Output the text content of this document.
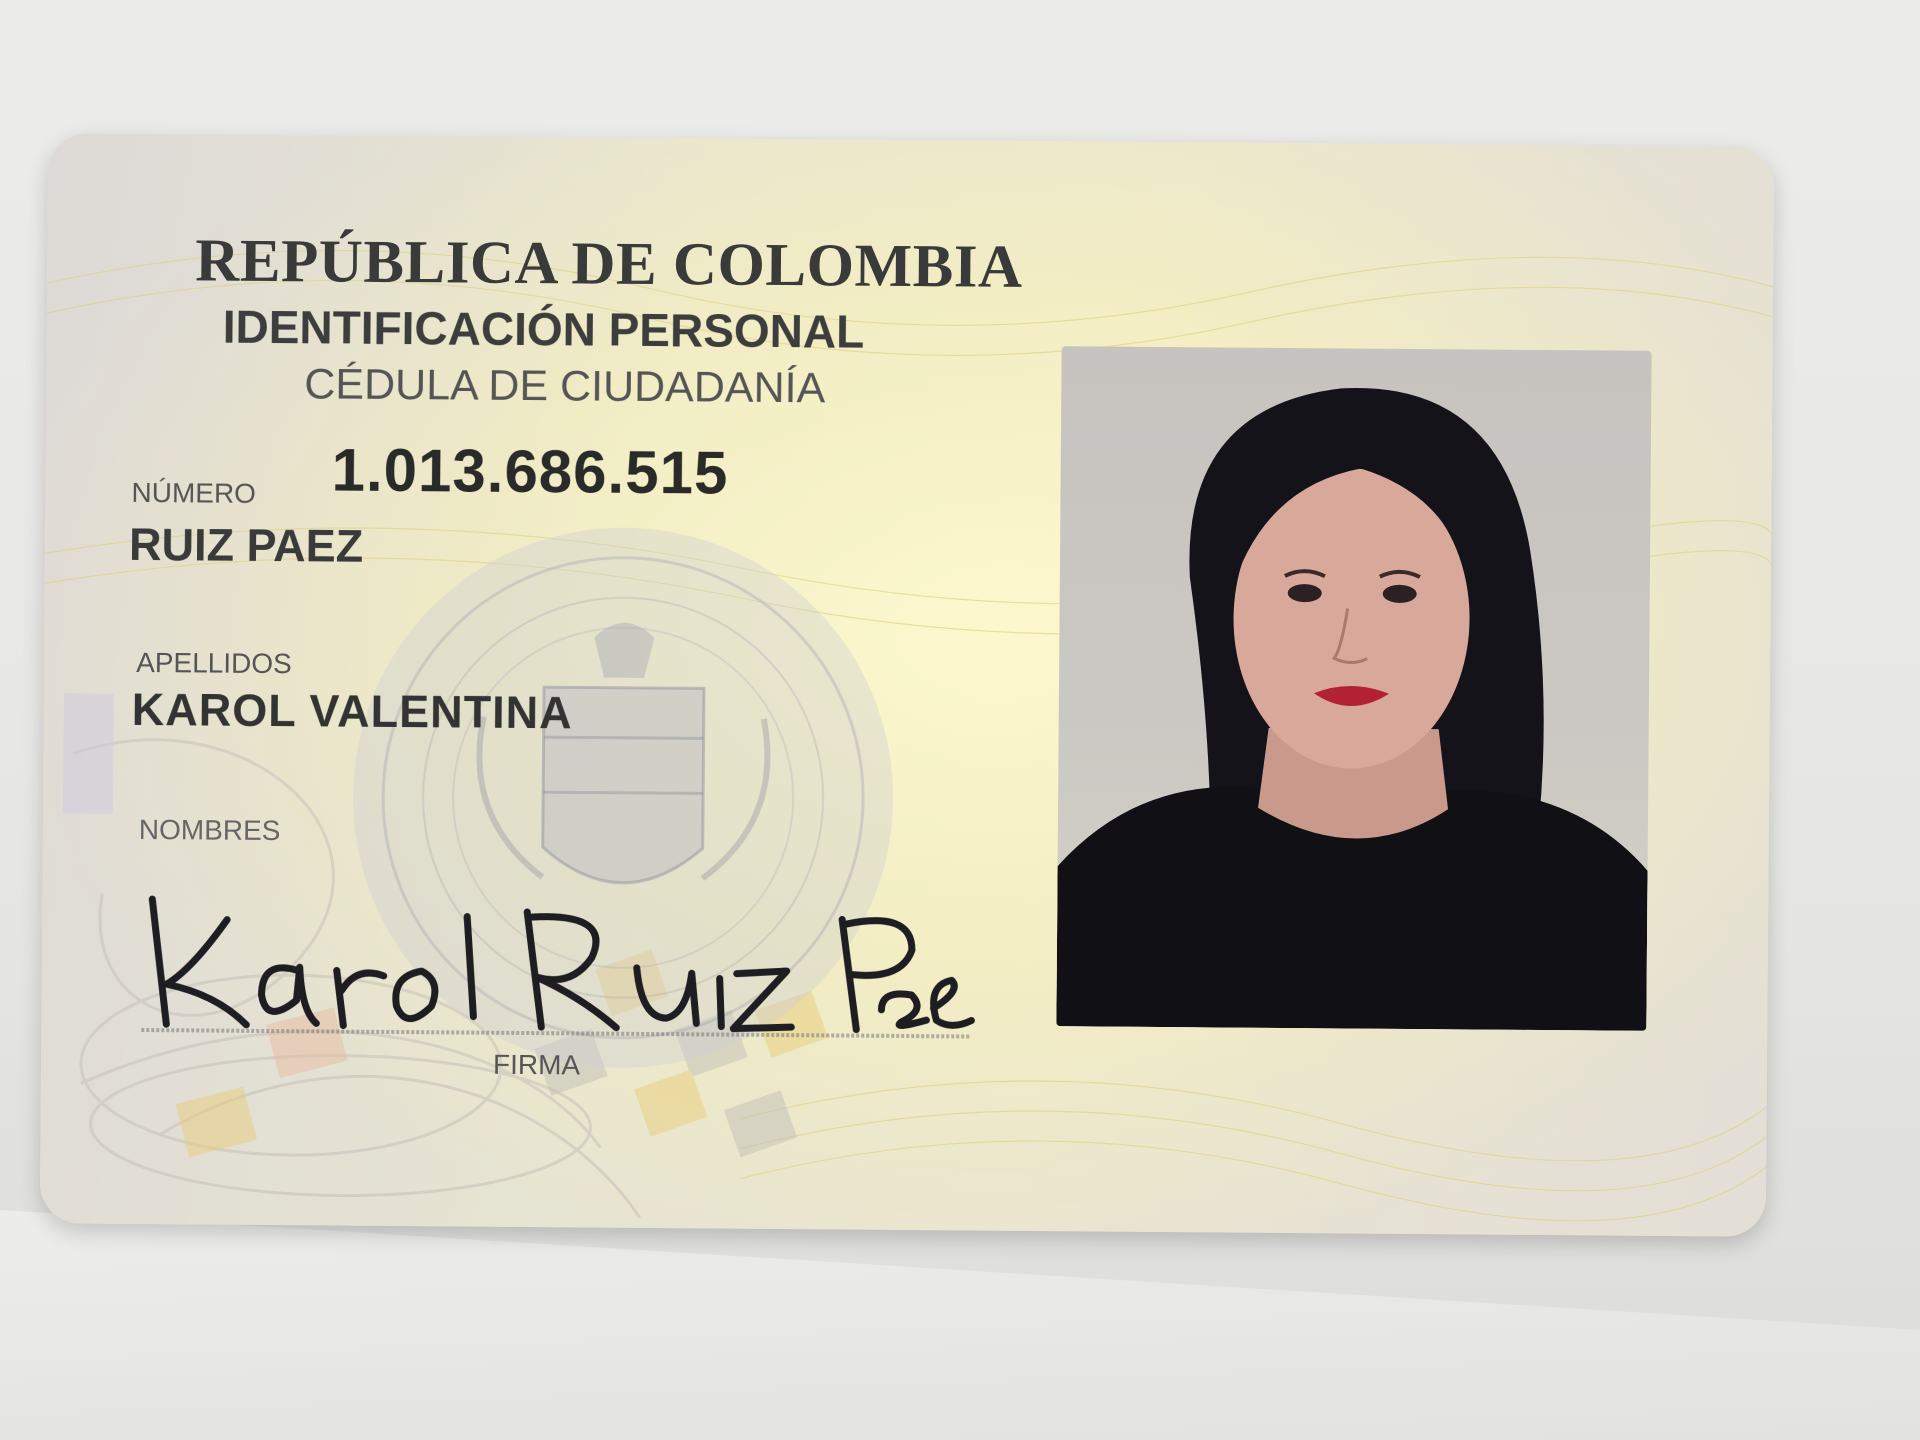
REPÚBLICA DE COLOMBIA
IDENTIFICACIÓN PERSONAL
CÉDULA DE CIUDADANÍA
1.013.686.515
NÚMERO
RUIZ PAEZ
APELLIDOS
KAROL VALENTINA
NOMBRES
FIRMA
